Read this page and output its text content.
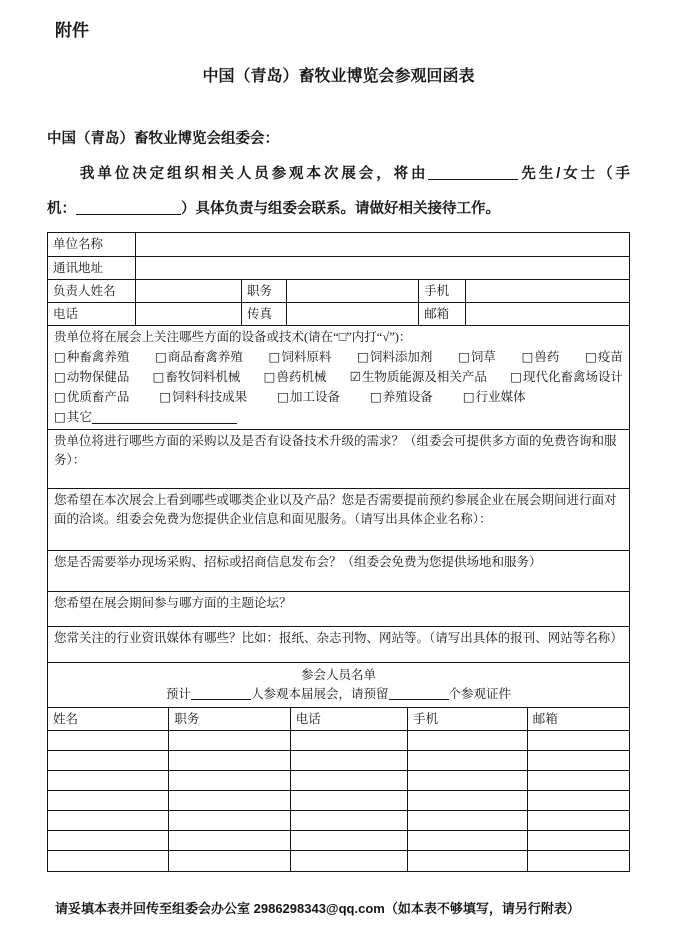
附件
中国（青岛）畜牧业博览会参观回函表
中国（青岛）畜牧业博览会组委会：
我单位决定组织相关人员参观本次展会，将由	先生/女士（手
机：	）具体负责与组委会联系。请做好相关接待工作。
单位名称					
通讯地址					
负责人姓名		职务		手机	
电话		传真		邮箱	
贵单位将在展会上关注哪些方面的设备或技术(请在“□”内打“√”)：
□种畜禽养殖 □商品畜禽养殖 □饲料原料 □饲料添加剂 □饲草 □兽药 □疫苗
□动物保健品 □畜牧饲料机械 □兽药机械 ☑生物质能源及相关产品 □现代化畜禽场设计
□优质畜产品 □饲料科技成果 □加工设备 □养殖设备 □行业媒体
□其它
贵单位将进行哪些方面的采购以及是否有设备技术升级的需求？（组委会可提供多方面的免费咨询和服务）：
您希望在本次展会上看到哪些或哪类企业以及产品？您是否需要提前预约参展企业在展会期间进行面对面的洽谈。组委会免费为您提供企业信息和面见服务。（请写出具体企业名称）：
您是否需要举办现场采购、招标或招商信息发布会？（组委会免费为您提供场地和服务）
您希望在展会期间参与哪方面的主题论坛？
您常关注的行业资讯媒体有哪些？比如：报纸、杂志刊物、网站等。（请写出具体的报刊、网站等名称）
参会人员名单
预计	人参观本届展会，请预留	个参观证件
姓名	职务	电话	手机	邮箱

请妥填本表并回传至组委会办公室 2986298343@qq.com（如本表不够填写，请另行附表）
